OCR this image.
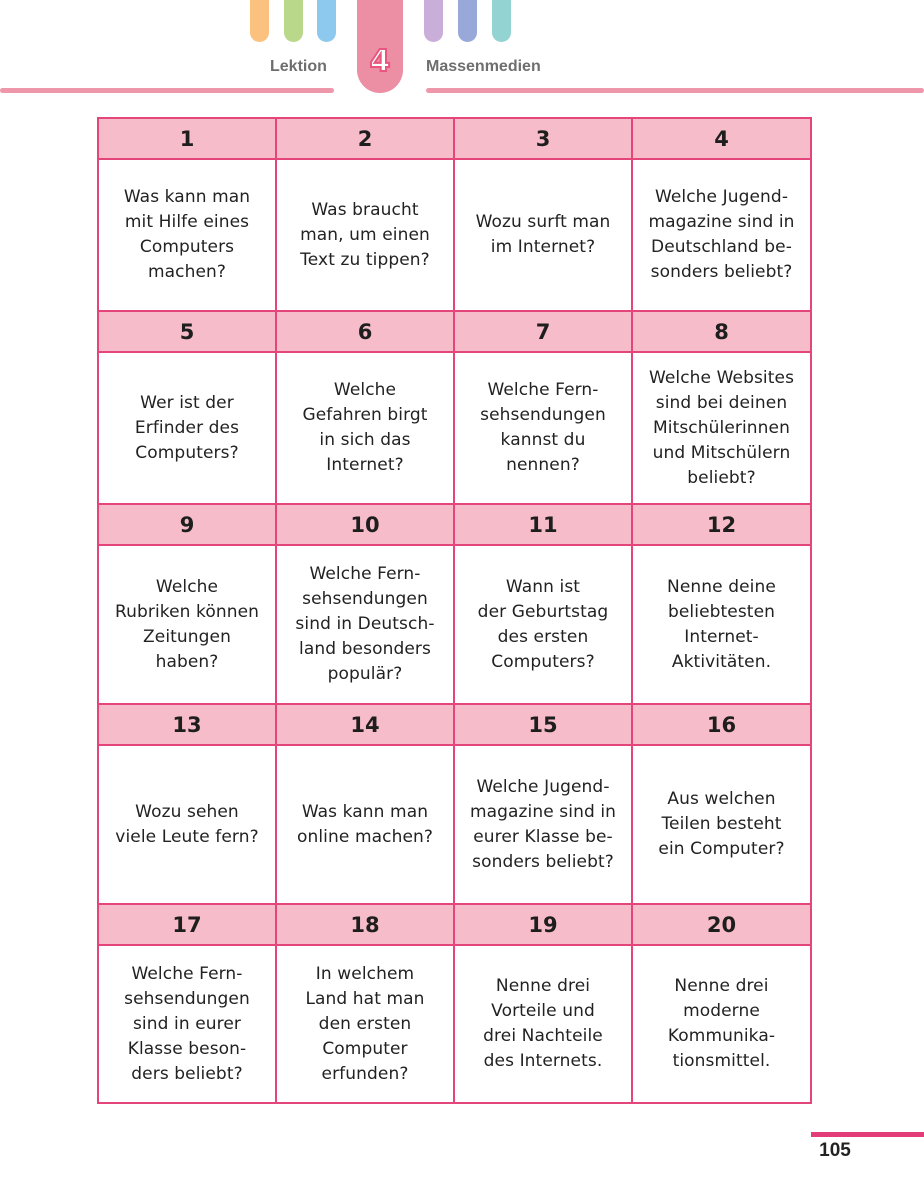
4
Lektion	Massenmedien
1	2	3	4
Was kann man
mit Hilfe eines
Computers
machen?	Was braucht
man, um einen
Text zu tippen?	Wozu surft man
im Internet?	Welche Jugend-
magazine sind in
Deutschland be-
sonders beliebt?
5	6	7	8
Wer ist der
Erfinder des
Computers?	Welche
Gefahren birgt
in sich das
Internet?	Welche Fern-
sehsendungen
kannst du
nennen?	Welche Websites
sind bei deinen
Mitschülerinnen
und Mitschülern
beliebt?
9	10	11	12
Welche
Rubriken können
Zeitungen
haben?	Welche Fern-
sehsendungen
sind in Deutsch-
land besonders
populär?	Wann ist
der Geburtstag
des ersten
Computers?	Nenne deine
beliebtesten
Internet-
Aktivitäten.
13	14	15	16
Wozu sehen
viele Leute fern?	Was kann man
online machen?	Welche Jugend-
magazine sind in
eurer Klasse be-
sonders beliebt?	Aus welchen
Teilen besteht
ein Computer?
17	18	19	20
Welche Fern-
sehsendungen
sind in eurer
Klasse beson-
ders beliebt?	In welchem
Land hat man
den ersten
Computer
erfunden?	Nenne drei
Vorteile und
drei Nachteile
des Internets.	Nenne drei
moderne
Kommunika-
tionsmittel.
105
